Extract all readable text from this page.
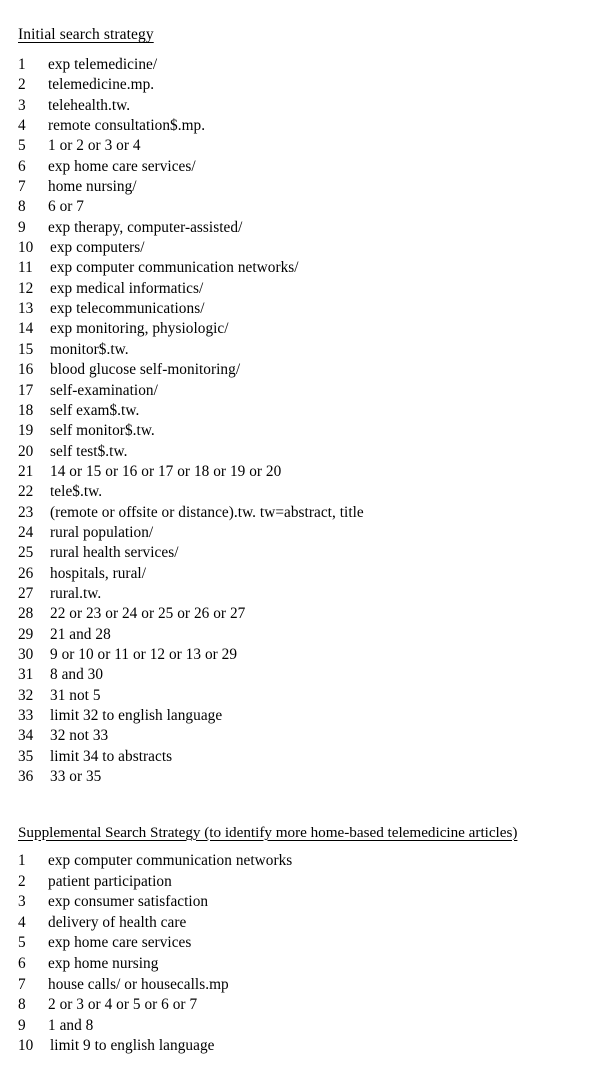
Initial search strategy
1	exp telemedicine/
2	telemedicine.mp.
3	telehealth.tw.
4	remote consultation$.mp.
5	1 or 2 or 3 or 4
6	exp home care services/
7	home nursing/
8	6 or 7
9	exp therapy, computer-assisted/
10	exp computers/
11	exp computer communication networks/
12	exp medical informatics/
13	exp telecommunications/
14	exp monitoring, physiologic/
15	monitor$.tw.
16	blood glucose self-monitoring/
17	self-examination/
18	self exam$.tw.
19	self monitor$.tw.
20	self test$.tw.
21	14 or 15 or 16 or 17 or 18 or 19 or 20
22	tele$.tw.
23	(remote or offsite or distance).tw. tw=abstract, title
24	rural population/
25	rural health services/
26	hospitals, rural/
27	rural.tw.
28	22 or 23 or 24 or 25 or 26 or 27
29	21 and 28
30	9 or 10 or 11 or 12 or 13 or 29
31	8 and 30
32	31 not 5
33	limit 32 to english language
34	32 not 33
35	limit 34 to abstracts
36	33 or 35
Supplemental Search Strategy (to identify more home-based telemedicine articles)
1	exp computer communication networks
2	patient participation
3	exp consumer satisfaction
4	delivery of health care
5	exp home care services
6	exp home nursing
7	house calls/ or housecalls.mp
8	2 or 3 or 4 or 5 or 6 or 7
9	1 and 8
10	limit 9 to english language
